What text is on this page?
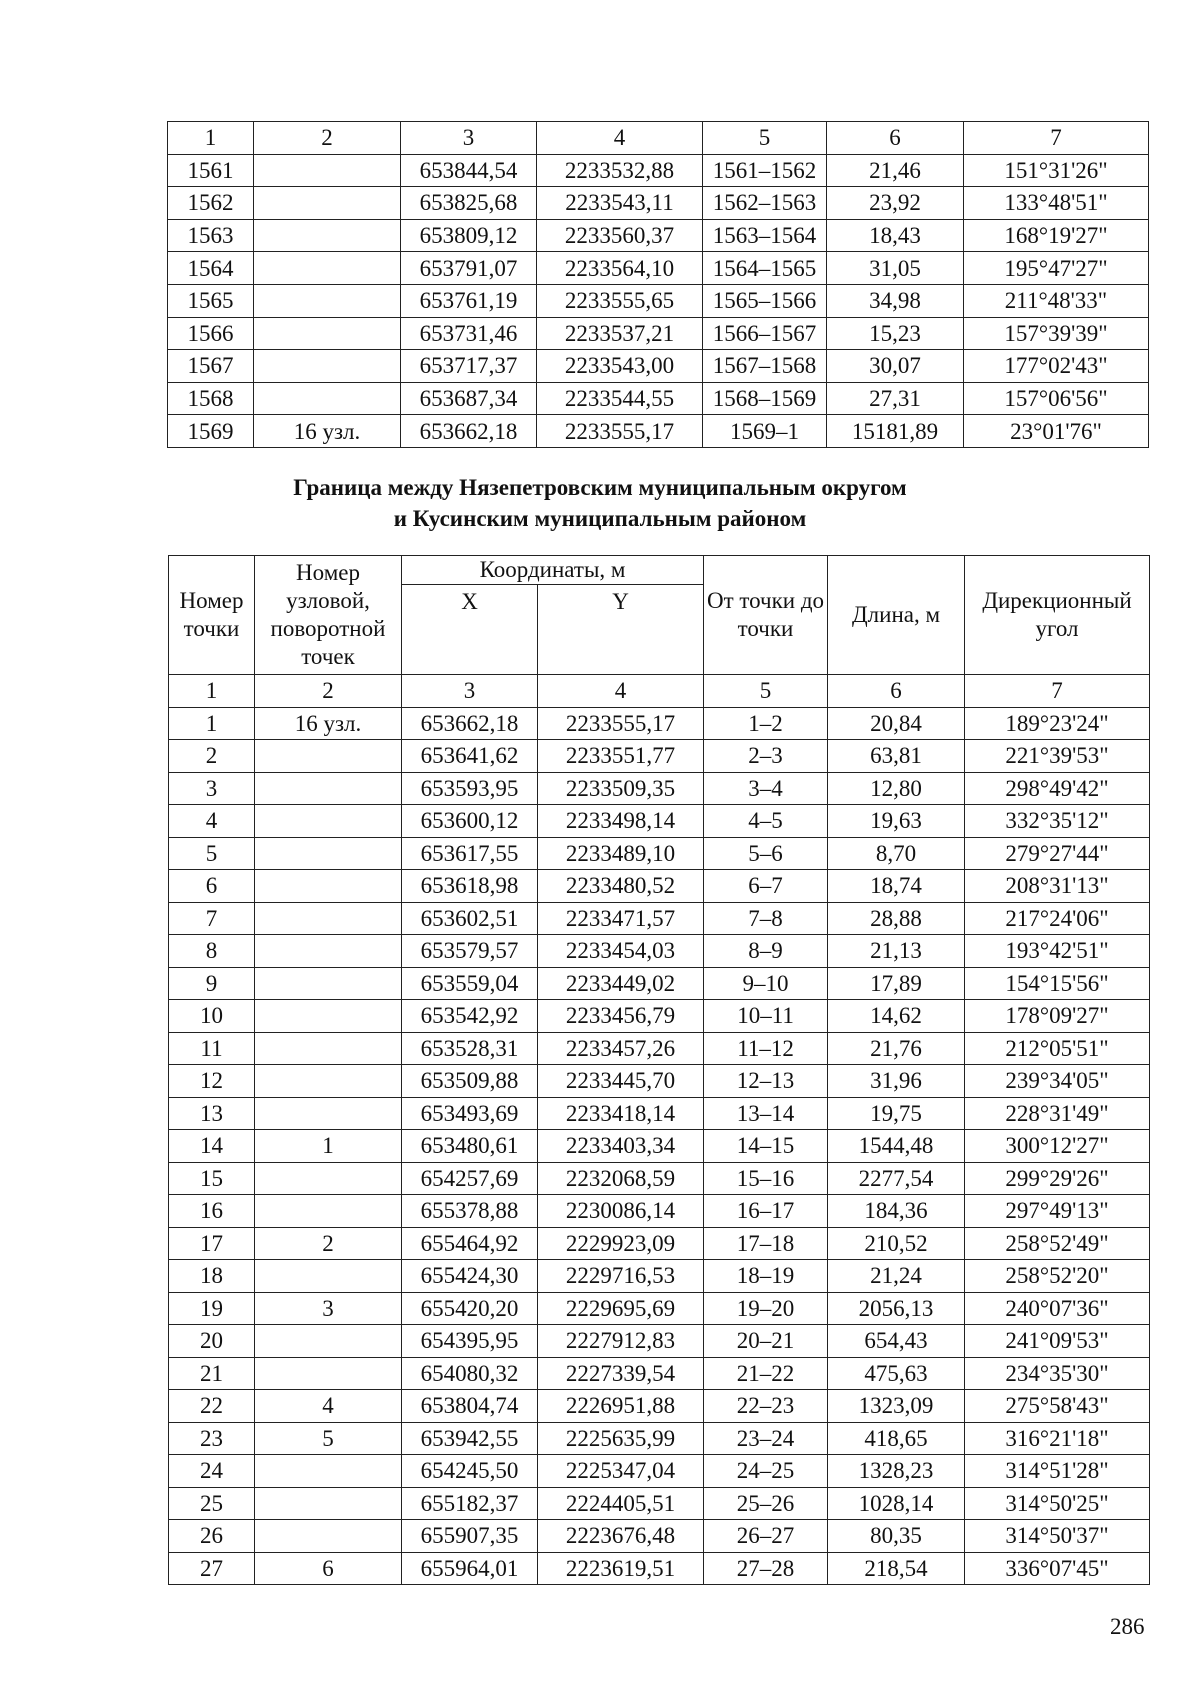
1	2	3	4	5	6	7
1561		653844,54	2233532,88	1561–1562	21,46	151°31'26"
1562		653825,68	2233543,11	1562–1563	23,92	133°48'51"
1563		653809,12	2233560,37	1563–1564	18,43	168°19'27"
1564		653791,07	2233564,10	1564–1565	31,05	195°47'27"
1565		653761,19	2233555,65	1565–1566	34,98	211°48'33"
1566		653731,46	2233537,21	1566–1567	15,23	157°39'39"
1567		653717,37	2233543,00	1567–1568	30,07	177°02'43"
1568		653687,34	2233544,55	1568–1569	27,31	157°06'56"
1569	16 узл.	653662,18	2233555,17	1569–1	15181,89	23°01'76"
Граница между Нязепетровским муниципальным округом
и Кусинским муниципальным районом
Номер точки	Номер узловой, поворотной точек	Координаты, м		От точки до точки	Длина, м	Дирекционный угол
		X	Y			
1	2	3	4	5	6	7
1	16 узл.	653662,18	2233555,17	1–2	20,84	189°23'24"
2		653641,62	2233551,77	2–3	63,81	221°39'53"
3		653593,95	2233509,35	3–4	12,80	298°49'42"
4		653600,12	2233498,14	4–5	19,63	332°35'12"
5		653617,55	2233489,10	5–6	8,70	279°27'44"
6		653618,98	2233480,52	6–7	18,74	208°31'13"
7		653602,51	2233471,57	7–8	28,88	217°24'06"
8		653579,57	2233454,03	8–9	21,13	193°42'51"
9		653559,04	2233449,02	9–10	17,89	154°15'56"
10		653542,92	2233456,79	10–11	14,62	178°09'27"
11		653528,31	2233457,26	11–12	21,76	212°05'51"
12		653509,88	2233445,70	12–13	31,96	239°34'05"
13		653493,69	2233418,14	13–14	19,75	228°31'49"
14	1	653480,61	2233403,34	14–15	1544,48	300°12'27"
15		654257,69	2232068,59	15–16	2277,54	299°29'26"
16		655378,88	2230086,14	16–17	184,36	297°49'13"
17	2	655464,92	2229923,09	17–18	210,52	258°52'49"
18		655424,30	2229716,53	18–19	21,24	258°52'20"
19	3	655420,20	2229695,69	19–20	2056,13	240°07'36"
20		654395,95	2227912,83	20–21	654,43	241°09'53"
21		654080,32	2227339,54	21–22	475,63	234°35'30"
22	4	653804,74	2226951,88	22–23	1323,09	275°58'43"
23	5	653942,55	2225635,99	23–24	418,65	316°21'18"
24		654245,50	2225347,04	24–25	1328,23	314°51'28"
25		655182,37	2224405,51	25–26	1028,14	314°50'25"
26		655907,35	2223676,48	26–27	80,35	314°50'37"
27	6	655964,01	2223619,51	27–28	218,54	336°07'45"
286
